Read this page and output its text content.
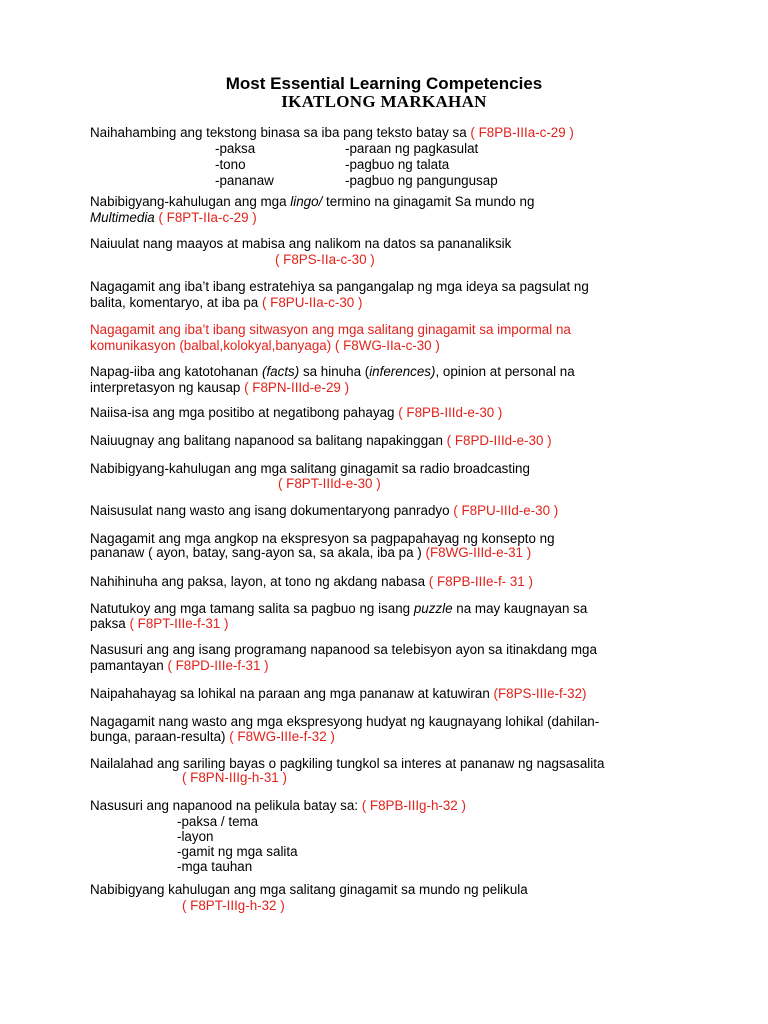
Most Essential Learning Competencies
IKATLONG MARKAHAN
Naihahambing ang tekstong binasa sa iba pang teksto batay sa ( F8PB-IIIa-c-29 )
-paksa	-paraan ng pagkasulat
-tono	-pagbuo ng talata
-pananaw	-pagbuo ng pangungusap
Nabibigyang-kahulugan ang mga lingo/ termino na ginagamit Sa mundo ng
Multimedia ( F8PT-IIa-c-29 )
Naiuulat nang maayos at mabisa ang nalikom na datos sa pananaliksik
( F8PS-IIa-c-30 )
Nagagamit ang iba’t ibang estratehiya sa pangangalap ng mga ideya sa pagsulat ng
balita, komentaryo, at iba pa ( F8PU-IIa-c-30 )
Nagagamit ang iba’t ibang sitwasyon ang mga salitang ginagamit sa impormal na
komunikasyon (balbal,kolokyal,banyaga) ( F8WG-IIa-c-30 )
Napag-iiba ang katotohanan (facts) sa hinuha (inferences), opinion at personal na
interpretasyon ng kausap ( F8PN-IIId-e-29 )
Naiisa-isa ang mga positibo at negatibong pahayag ( F8PB-IIId-e-30 )
Naiuugnay ang balitang napanood sa balitang napakinggan ( F8PD-IIId-e-30 )
Nabibigyang-kahulugan ang mga salitang ginagamit sa radio broadcasting
( F8PT-IIId-e-30 )
Naisusulat nang wasto ang isang dokumentaryong panradyo ( F8PU-IIId-e-30 )
Nagagamit ang mga angkop na ekspresyon sa pagpapahayag ng konsepto ng
pananaw ( ayon, batay, sang-ayon sa, sa akala, iba pa ) (F8WG-IIId-e-31 )
Nahihinuha ang paksa, layon, at tono ng akdang nabasa ( F8PB-IIIe-f- 31 )
Natutukoy ang mga tamang salita sa pagbuo ng isang puzzle na may kaugnayan sa
paksa ( F8PT-IIIe-f-31 )
Nasusuri ang ang isang programang napanood sa telebisyon ayon sa itinakdang mga
pamantayan ( F8PD-IIIe-f-31 )
Naipahahayag sa lohikal na paraan ang mga pananaw at katuwiran (F8PS-IIIe-f-32)
Nagagamit nang wasto ang mga ekspresyong hudyat ng kaugnayang lohikal (dahilan-
bunga, paraan-resulta) ( F8WG-IIIe-f-32 )
Nailalahad ang sariling bayas o pagkiling tungkol sa interes at pananaw ng nagsasalita
( F8PN-IIIg-h-31 )
Nasusuri ang napanood na pelikula batay sa: ( F8PB-IIIg-h-32 )
-paksa / tema
-layon
-gamit ng mga salita
-mga tauhan
Nabibigyang kahulugan ang mga salitang ginagamit sa mundo ng pelikula
( F8PT-IIIg-h-32 )
